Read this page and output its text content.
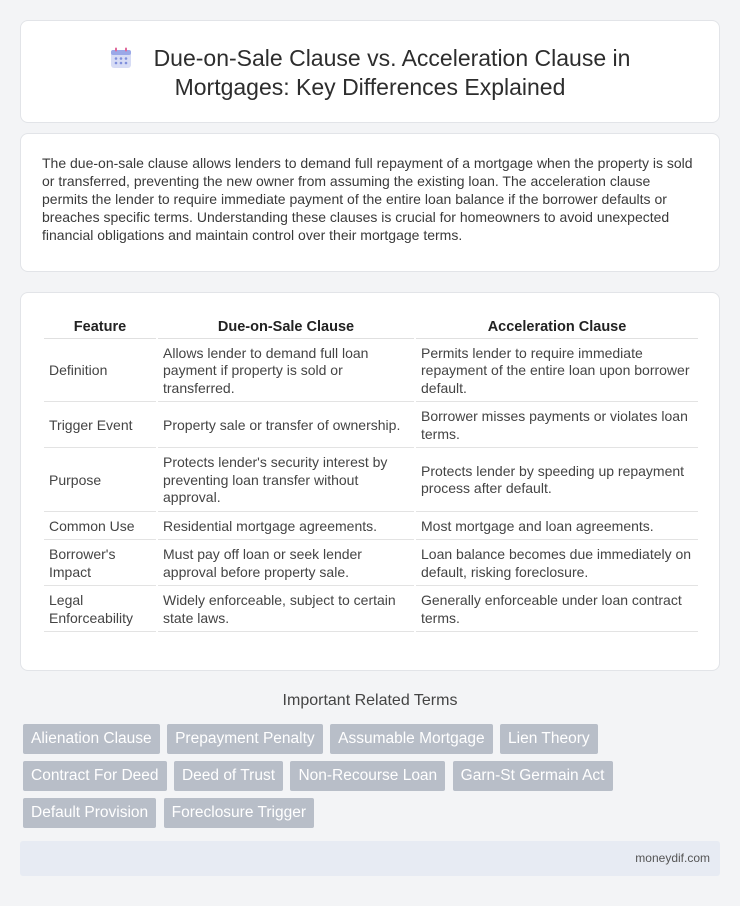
Due-on-Sale Clause vs. Acceleration Clause in
Mortgages: Key Differences Explained

The due-on-sale clause allows lenders to demand full repayment of a mortgage when the property is sold or transferred, preventing the new owner from assuming the existing loan. The acceleration clause permits the lender to require immediate payment of the entire loan balance if the borrower defaults or breaches specific terms. Understanding these clauses is crucial for homeowners to avoid unexpected financial obligations and maintain control over their mortgage terms.

Feature	Due-on-Sale Clause	Acceleration Clause
Definition	Allows lender to demand full loan payment if property is sold or transferred.	Permits lender to require immediate repayment of the entire loan upon borrower default.
Trigger Event	Property sale or transfer of ownership.	Borrower misses payments or violates loan terms.
Purpose	Protects lender's security interest by preventing loan transfer without approval.	Protects lender by speeding up repayment process after default.
Common Use	Residential mortgage agreements.	Most mortgage and loan agreements.
Borrower's Impact	Must pay off loan or seek lender approval before property sale.	Loan balance becomes due immediately on default, risking foreclosure.
Legal Enforceability	Widely enforceable, subject to certain state laws.	Generally enforceable under loan contract terms.
Important Related Terms
Alienation Clause Prepayment Penalty Assumable Mortgage Lien Theory Contract For Deed Deed of Trust Non-Recourse Loan Garn-St Germain Act Default Provision Foreclosure Trigger
moneydif.com
